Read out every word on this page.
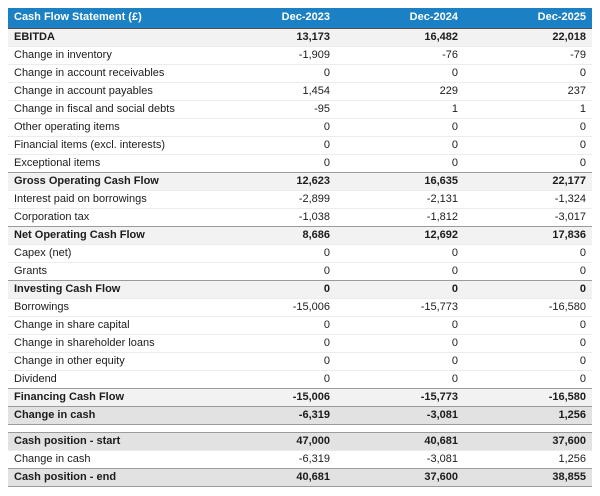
Cash Flow Statement (£)	Dec-2023	Dec-2024	Dec-2025
EBITDA	13,173	16,482	22,018
Change in inventory	-1,909	-76	-79
Change in account receivables	0	0	0
Change in account payables	1,454	229	237
Change in fiscal and social debts	-95	1	1
Other operating items	0	0	0
Financial items (excl. interests)	0	0	0
Exceptional items	0	0	0
Gross Operating Cash Flow	12,623	16,635	22,177
Interest paid on borrowings	-2,899	-2,131	-1,324
Corporation tax	-1,038	-1,812	-3,017
Net Operating Cash Flow	8,686	12,692	17,836
Capex (net)	0	0	0
Grants	0	0	0
Investing Cash Flow	0	0	0
Borrowings	-15,006	-15,773	-16,580
Change in share capital	0	0	0
Change in shareholder loans	0	0	0
Change in other equity	0	0	0
Dividend	0	0	0
Financing Cash Flow	-15,006	-15,773	-16,580
Change in cash	-6,319	-3,081	1,256
Cash position - start	47,000	40,681	37,600
Change in cash	-6,319	-3,081	1,256
Cash position - end	40,681	37,600	38,855
